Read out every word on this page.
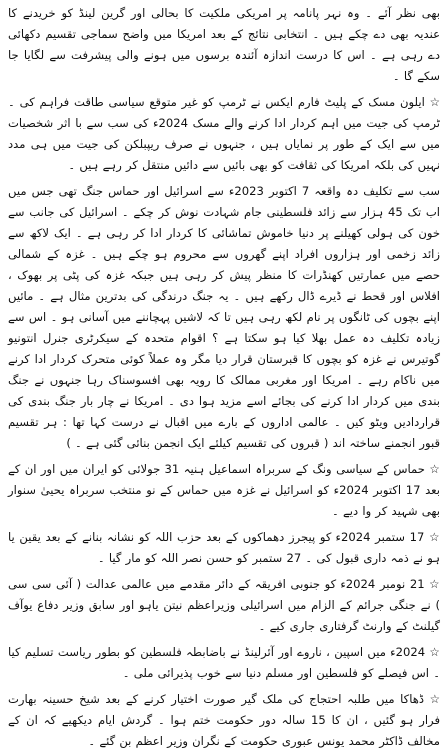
بھی نظر آئے ۔ وہ نہر پانامہ پر امریکی ملکیت کا بحالی اور گرین لینڈ کو خریدنے کا عندیہ بھی دے چکے ہیں ۔ انتخابی نتائج کے بعد امریکا میں واضح سماجی تقسیم دکھائی دے رہی ہے ۔ اس کا درست اندازہ آئندہ برسوں میں ہونے والی پیشرفت سے لگایا جا سکے گا ۔

☆ ایلون مسک کے پلیٹ فارم ایکس نے ٹرمپ کو غیر متوقع سیاسی طاقت فراہم کی ۔ ٹرمپ کی جیت میں اہم کردار ادا کرنے والے مسک 2024ء کی سب سے با اثر شخصیات میں سے ایک کے طور پر نمایاں ہیں ، جنہوں نے صرف ریپبلکن کی جیت میں ہی مدد نہیں کی بلکہ امریکا کی ثقافت کو بھی بائیں سے دائیں منتقل کر رہے ہیں ۔

سب سے تکلیف دہ واقعہ 7 اکتوبر 2023ء سے اسرائیل اور حماس جنگ تھی جس میں اب تک 45 ہزار سے زائد فلسطینی جام شہادت نوش کر چکے ۔ اسرائیل کی جانب سے خون کی ہولی کھیلنے پر دنیا خاموش تماشائی کا کردار ادا کر رہی ہے ۔ ایک لاکھ سے زائد زخمی اور ہزاروں افراد اپنے گھروں سے محروم ہو چکے ہیں ۔ غزہ کے شمالی حصے میں عمارتیں کھنڈرات کا منظر پیش کر رہی ہیں جبکہ غزہ کی پٹی پر بھوک ، افلاس اور قحط نے ڈیرے ڈال رکھے ہیں ۔ یہ جنگ درندگی کی بدترین مثال ہے ۔ مائیں اپنے بچوں کی ٹانگوں پر نام لکھ رہی ہیں تا کہ لاشیں پہچاننے میں آسانی ہو ۔ اس سے زیادہ تکلیف دہ عمل بھلا کیا ہو سکتا ہے ؟ اقوام متحدہ کے سیکرٹری جنرل انتونیو گوتیرس نے غزہ کو بچوں کا قبرستان قرار دیا مگر وہ عملاً کوئی متحرک کردار ادا کرنے میں ناکام رہے ۔ امریکا اور مغربی ممالک کا رویہ بھی افسوسناک رہا جنہوں نے جنگ بندی میں کردار ادا کرنے کی بجائے اسے مزید ہوا دی ۔ امریکا نے چار بار جنگ بندی کی قراردادیں ویٹو کیں ۔ عالمی اداروں کے بارے میں اقبال نے درست کہا تھا : ہر تقسیم قبور انجمنے ساختہ اند ( قبروں کی تقسیم کیلئے ایک انجمن بنائی گئی ہے ۔ )

☆ حماس کے سیاسی ونگ کے سربراہ اسماعیل ہنیہ 31 جولائی کو ایران میں اور ان کے بعد 17 اکتوبر 2024ء کو اسرائیل نے غزہ میں حماس کے نو منتخب سربراہ یحییٰ سنوار بھی شہید کر وا دیے ۔

☆ 17 ستمبر 2024ء کو پیجرز دھماکوں کے بعد حزب اللہ کو نشانہ بنانے کے بعد یقین یا ہو نے ذمہ داری قبول کی ۔ 27 ستمبر کو حسن نصر اللہ کو مار گیا ۔

☆ 21 نومبر 2024ء کو جنوبی افریقہ کے دائر مقدمے میں عالمی عدالت ( آئی سی سی ) نے جنگی جرائم کے الزام میں اسرائیلی وزیراعظم نیتن یاہو اور سابق وزیر دفاع یوآف گیلنٹ کے وارنٹ گرفتاری جاری کیے ۔

☆ 2024ء میں اسپین ، ناروے اور آئرلینڈ نے باضابطہ فلسطین کو بطور ریاست تسلیم کیا ۔ اس فیصلے کو فلسطین اور مسلم دنیا سے خوب پذیرائی ملی ۔

☆ ڈھاکا میں طلبہ احتجاج کی ملک گیر صورت اختیار کرنے کے بعد شیخ حسینہ بھارت فرار ہو گئیں ، ان کا 15 سالہ دور حکومت ختم ہوا ۔ گردش ایام دیکھیے کہ ان کے مخالف ڈاکٹر محمد یونس عبوری حکومت کے نگران وزیر اعظم بن گئے ۔
